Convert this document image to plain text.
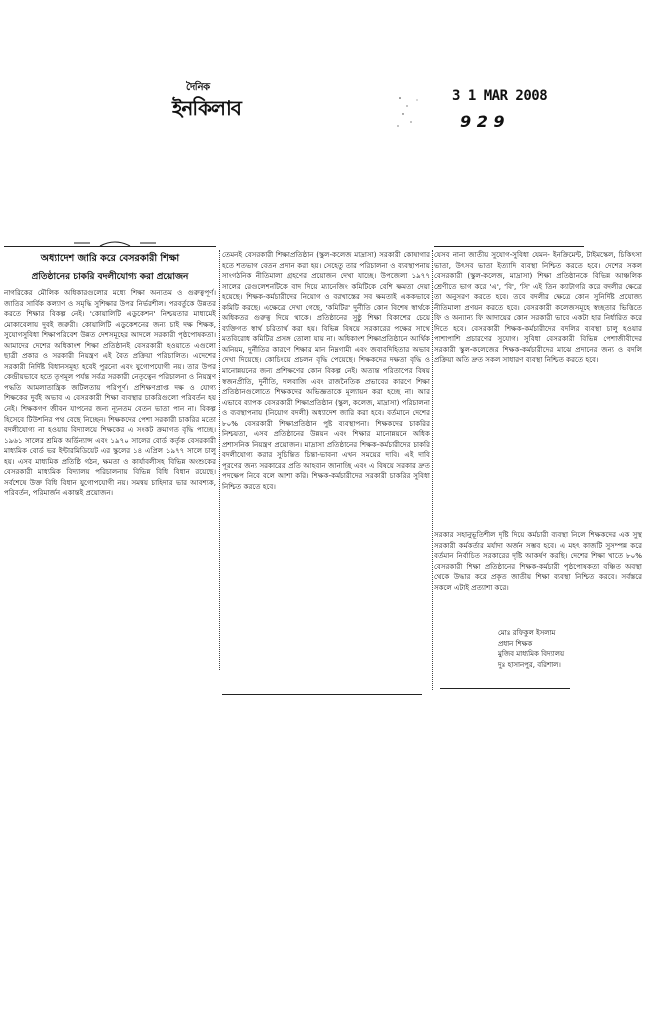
দৈনিক
ইনকিলাব	3 1 MAR 2008
9 2 9
অধ্যাদেশ জারি করে বেসরকারী শিক্ষা
প্রতিষ্ঠানের চাকরি বদলীযোগ্য করা প্রয়োজন

নাগরিকের মৌলিক অধিকারগুলোর মধ্যে শিক্ষা অন্যতম ও গুরুত্বপূর্ণ। জাতির সার্বিক কল্যাণ ও সমৃদ্ধি সুশিক্ষার উপর নির্ভরশীল। পরবর্তুকে উন্নতর করতে শিক্ষার বিকল্প নেই। 'কোয়ালিটি এডুকেশন' নিশ্চয়তার মাধ্যমেই মোকাবেলায় দুবই জরুরী। কোয়ালিটি এডুকেশনের জন্য চাই দক্ষ শিক্ষক, সুযোগসুবিধা শিক্ষাপরিবেশ উন্নত দেশসমূহের আদলে সরকারী পৃষ্ঠপোষকতা। আমাদের দেশের অধিকাংশ শিক্ষা প্রতিষ্ঠানই বেসরকারী হওয়াতে এগুলো ছাত্রী প্রকার ও সরকারী নিয়ন্ত্রণ এই বৈত প্রক্রিয়া পরিচালিত। এদেশের সরকারী নির্দিষ্ট বিধানসমূহ্য হবেই পুরনো এবং যুগোপযোগী নয়। তার উপর কেন্দ্রীয়ভাবে হতে তৃণমূল পর্যন্ত সর্বত্র সরকারী নেতৃত্বেন পরিচালনা ও নিয়ন্ত্রণ পদ্ধতি আমলাতান্ত্রিক জটিলতায় পরিপূর্ণ। প্রশিক্ষণপ্রাপ্ত দক্ষ ও যোগ্য শিক্ষকের দুর্বই অভাব এ বেসরকারী শিক্ষা ব্যবস্থার চাকরিগুলো পরিবর্তন হয় নেই। শিক্ষকগণ জীবন যাপনের জন্য ন্যূনতম বেতন ভাতা পান না। বিকল্প হিসেবে টিউশনির পথ বেছে নিচ্ছেন। শিক্ষকদের পেশা সরকারী চাকরির মতো বদলীযোগ্য না হওয়ায় বিদ্যালয়ে শিক্ষকের এ সংকট ক্রমাগত বৃদ্ধি পাচ্ছে। ১৯৬১ সালের শ্রমিক অর্ডিন্যান্স এবং ১৯৭০ সালের বোর্ড কর্তৃক বেসরকারী মাধ্যমিক বোর্ড ভর ইন্টারমিডিয়েট এর স্কুলের ১৪ এপ্রিল ১৯৭৭ সালে চালু হয়। এসব মাধ্যমিক প্রতিষ্ঠি গঠন, ক্ষমতা ও কার্যাবলীসহ বিভিন্ন অংশুকের বেসরকারী মাধ্যমিক বিদ্যালয় পরিচালনায় বিভিন্ন বিধি বিধান রয়েছে। সর্বশেষে উক্ত বিধি বিধান যুগোপযোগী নয়। সমন্বয় চাহিদার ভার আবশ্যক, পরিবর্তন, পরিমার্জন একান্তই প্রয়োজন।

তেমনই বেসরকারী শিক্ষাপ্রতিষ্ঠান (স্কুল-কলেজ মাদ্রাসা) সরকারী কোষাগার হতে শতভাগ বেতন প্রদান করা হয়। সেহেতু তার পরিচালনা ও ব্যবস্থাপনায় সাংগঠনিক নীতিমালা গ্রহণের প্রয়োজন দেখা যাচ্ছে। উপজেলা ১৯৭৭ সালের রেগুলেশনটিকে বাদ দিয়ে ম্যানেজিং কমিটিকে বেশি ক্ষমতা দেয়া হয়েছে। শিক্ষক-কর্মচারীদের নিয়োগ ও বরখাস্তের সব ক্ষমতাই এককভাবে কমিটি করছে। এক্ষেত্রে দেখা গেছে, 'কমিটির' দুর্নীতি কোন বিশেষ স্বার্থকে অধিকতর গুরুত্ব দিয়ে থাকে। প্রতিষ্ঠানের সুষ্ঠু শিক্ষা বিকাশের চেয়ে ব্যক্তিগত স্বার্থ চরিতার্থ করা হয়। বিভিন্ন বিষয়ে সরকারের পক্ষের সাথে মতবিরোধ কমিটির প্রসঙ্গ তোলা যায় না। অধিকাংশ শিক্ষাপ্রতিষ্ঠানে আর্থিক অনিয়ম, দুর্নীতির কারণে শিক্ষার মান নিম্নগামী এবং জবাবদিহিতার অভাব দেখা দিয়েছে। কোচিংয়ে প্রচলন বৃদ্ধি পেয়েছে। শিক্ষকদের দক্ষতা বৃদ্ধি ও মানোন্নয়নের জন্য প্রশিক্ষণের কোন বিকল্প নেই। অত্যন্ত পরিতাপের বিষয় স্বজনপ্রীতি, দুর্নীতি, দলবাজি এবং রাজনৈতিক প্রভাবের কারণে শিক্ষা প্রতিষ্ঠানগুলোতে শিক্ষকদের অভিজ্ঞতাকে মূল্যায়ন করা হচ্ছে না। আর এভাবে ব্যাপক বেসরকারী শিক্ষাপ্রতিষ্ঠান (স্কুল, কলেজ, মাদ্রাসা) পরিচালনা ও ব্যবস্থাপনায় (নিয়োগ বদলী) অধ্যাদেশ জারি করা হবে। বর্তমানে দেশের ৮০% বেসরকারী শিক্ষাপ্রতিষ্ঠান পুষ্ট ব্যবস্থাপনা। শিক্ষকদের চাকরির নিশ্চয়তা, এসব প্রতিষ্ঠানের উন্নয়ন এবং শিক্ষার মানোন্নয়নে অধিক প্রশাসনিক নিয়ন্ত্রণ প্রয়োজন। মাদ্রাসা প্রতিষ্ঠানের শিক্ষক-কর্মচারীদের চাকরি বদলীযোগ্য করার সুচিন্তিত চিন্তা-ভাবনা এখন সময়ের দাবি। এই দাবি পূরণের জন্য সরকারের প্রতি আহবান জানাচ্ছি এবং এ বিষয়ে সরকার দ্রুত পদক্ষেপ নিবে বলে আশা করি। শিক্ষক-কর্মচারীদের সরকারী চাকরির সুবিধা নিশ্চিত করতে হবে।

যেসব নানা জাতীয় সুযোগ-সুবিধা যেমন- ইনক্রিমেন্ট, টাইমস্কেল, চিকিৎসা ভাতা, উৎসব ভাতা ইত্যাদি ব্যবস্থা নিশ্চিত করতে হবে। দেশের সকল বেসরকারী (স্কুল-কলেজ, মাদ্রাসা) শিক্ষা প্রতিষ্ঠানকে বিভিন্ন আঞ্চলিক শ্রেণীতে ভাগ করে 'এ', 'বি', 'সি' এই তিন ক্যাটাগরি করে বদলীর ক্ষেত্রে তা অনুসরণ করতে হবে। তবে বদলীর ক্ষেত্রে কোন সুনির্দিষ্ট প্রযোজ্য নীতিমালা প্রণয়ন করতে হবে। বেসরকারী কলেজসমূহে স্বচ্ছতার ভিত্তিতে ফি ও অন্যান্য ফি আদায়ের কোন সরকারী ভাবে একটা হার নির্ধারিত করে দিতে হবে। বেসরকারী শিক্ষক-কর্মচারীদের বদলির ব্যবস্থা চালু হওয়ার পাশাপাশি প্রচারণের সুযোগ। সুবিধা বেসরকারী বিভিন্ন পেশাজীবীদের সরকারী স্কুল-কলেজের শিক্ষক-কর্মচারীদের মাঝে প্রদানের জন্য ও বদলি প্রক্রিয়া অতি দ্রুত সকল সাধারণ ব্যবস্থা নিশ্চিত করতে হবে।

সরকার সহানুভূতিশীল দৃষ্টি দিয়ে কর্মচারী ব্যবস্থা নিলে শিক্ষকদের এক সুস্থ সরকারী কর্মকর্তার মর্যাদা অর্জন সম্ভব হবে। এ মহৎ কাজটি সুসম্পন্ন করে বর্তমান নির্বাচিত সরকারের দৃষ্টি আকর্ষণ করছি। দেশের শিক্ষা খাতে ৮০% বেসরকারী শিক্ষা প্রতিষ্ঠানের শিক্ষক-কর্মচারী পৃষ্ঠপোষকতা বঞ্চিত অবস্থা থেকে উদ্ধার করে প্রকৃত জাতীয় শিক্ষা ব্যবস্থা নিশ্চিত করবে। সর্বস্তরে সকলে এটাই প্রত্যাশা করে।

মোঃ রফিকুল ইসলাম
প্রধান শিক্ষক
মুজিব মাধ্যমিক বিদ্যালয়
দুঃ হাসানপুর, বরিশাল।
